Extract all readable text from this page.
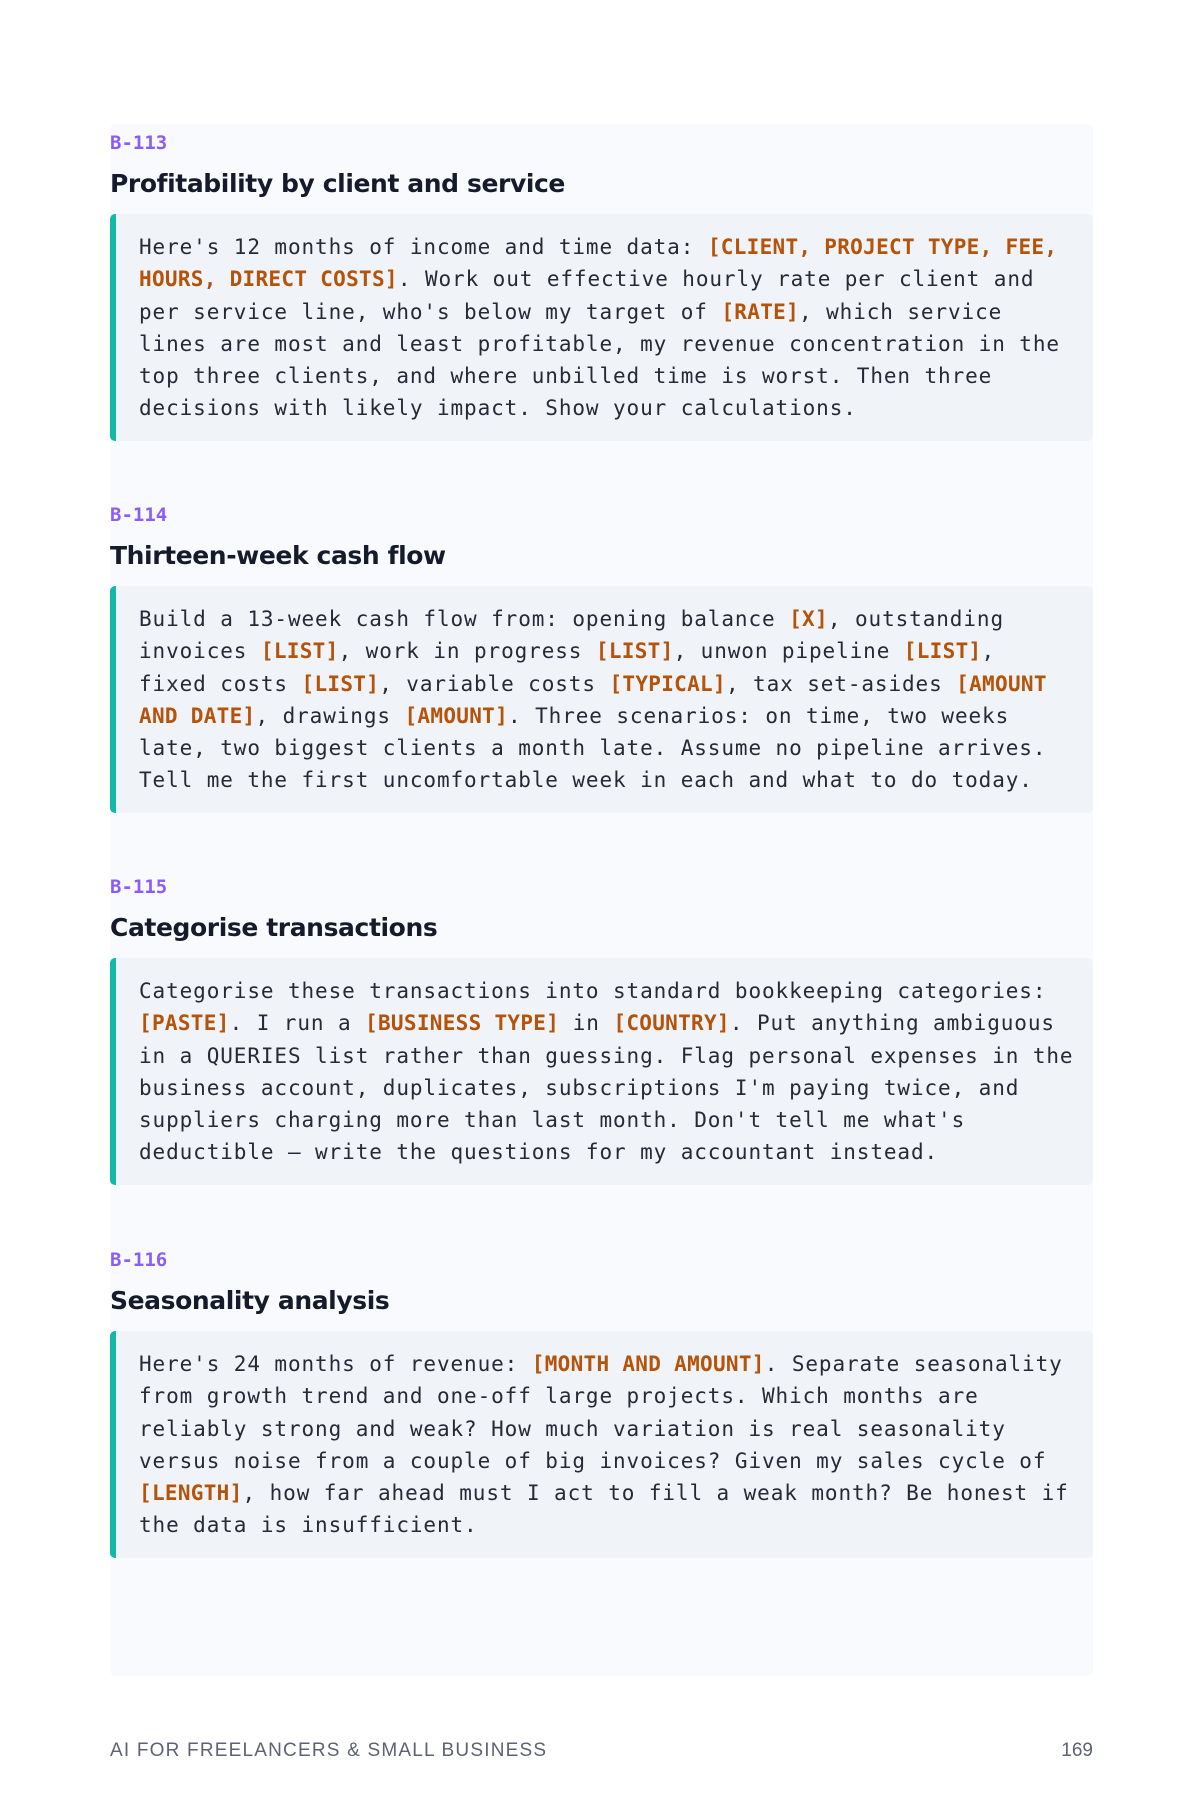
B-113
Profitability by client and service

Here's 12 months of income and time data: [CLIENT, PROJECT TYPE, FEE, HOURS, DIRECT COSTS]. Work out effective hourly rate per client and per service line, who's below my target of [RATE], which service lines are most and least profitable, my revenue concentration in the top three clients, and where unbilled time is worst. Then three decisions with likely impact. Show your calculations.

B-114
Thirteen-week cash flow

Build a 13-week cash flow from: opening balance [X], outstanding invoices [LIST], work in progress [LIST], unwon pipeline [LIST], fixed costs [LIST], variable costs [TYPICAL], tax set-asides [AMOUNT AND DATE], drawings [AMOUNT]. Three scenarios: on time, two weeks late, two biggest clients a month late. Assume no pipeline arrives. Tell me the first uncomfortable week in each and what to do today.

B-115
Categorise transactions

Categorise these transactions into standard bookkeeping categories: [PASTE]. I run a [BUSINESS TYPE] in [COUNTRY]. Put anything ambiguous in a QUERIES list rather than guessing. Flag personal expenses in the business account, duplicates, subscriptions I'm paying twice, and suppliers charging more than last month. Don't tell me what's deductible — write the questions for my accountant instead.

B-116
Seasonality analysis

Here's 24 months of revenue: [MONTH AND AMOUNT]. Separate seasonality from growth trend and one-off large projects. Which months are reliably strong and weak? How much variation is real seasonality versus noise from a couple of big invoices? Given my sales cycle of [LENGTH], how far ahead must I act to fill a weak month? Be honest if the data is insufficient.

AI FOR FREELANCERS & SMALL BUSINESS	169
